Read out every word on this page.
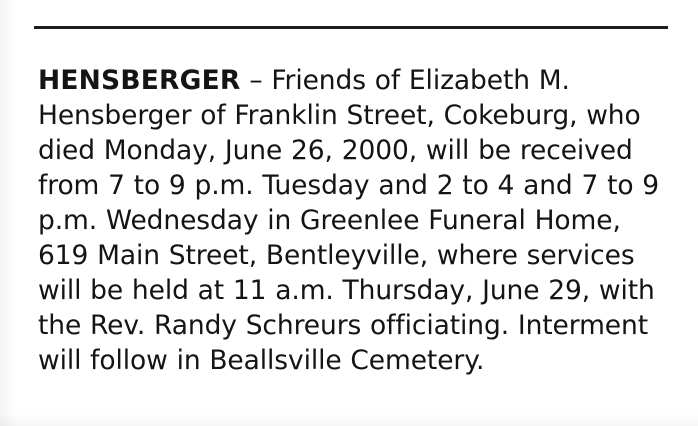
HENSBERGER – Friends of Elizabeth M. Hensberger of Franklin Street, Cokeburg, who died Monday, June 26, 2000, will be received from 7 to 9 p.m. Tuesday and 2 to 4 and 7 to 9 p.m. Wednesday in Greenlee Funeral Home, 619 Main Street, Bentleyville, where services will be held at 11 a.m. Thursday, June 29, with the Rev. Randy Schreurs officiating. Interment will follow in Beallsville Cemetery.
